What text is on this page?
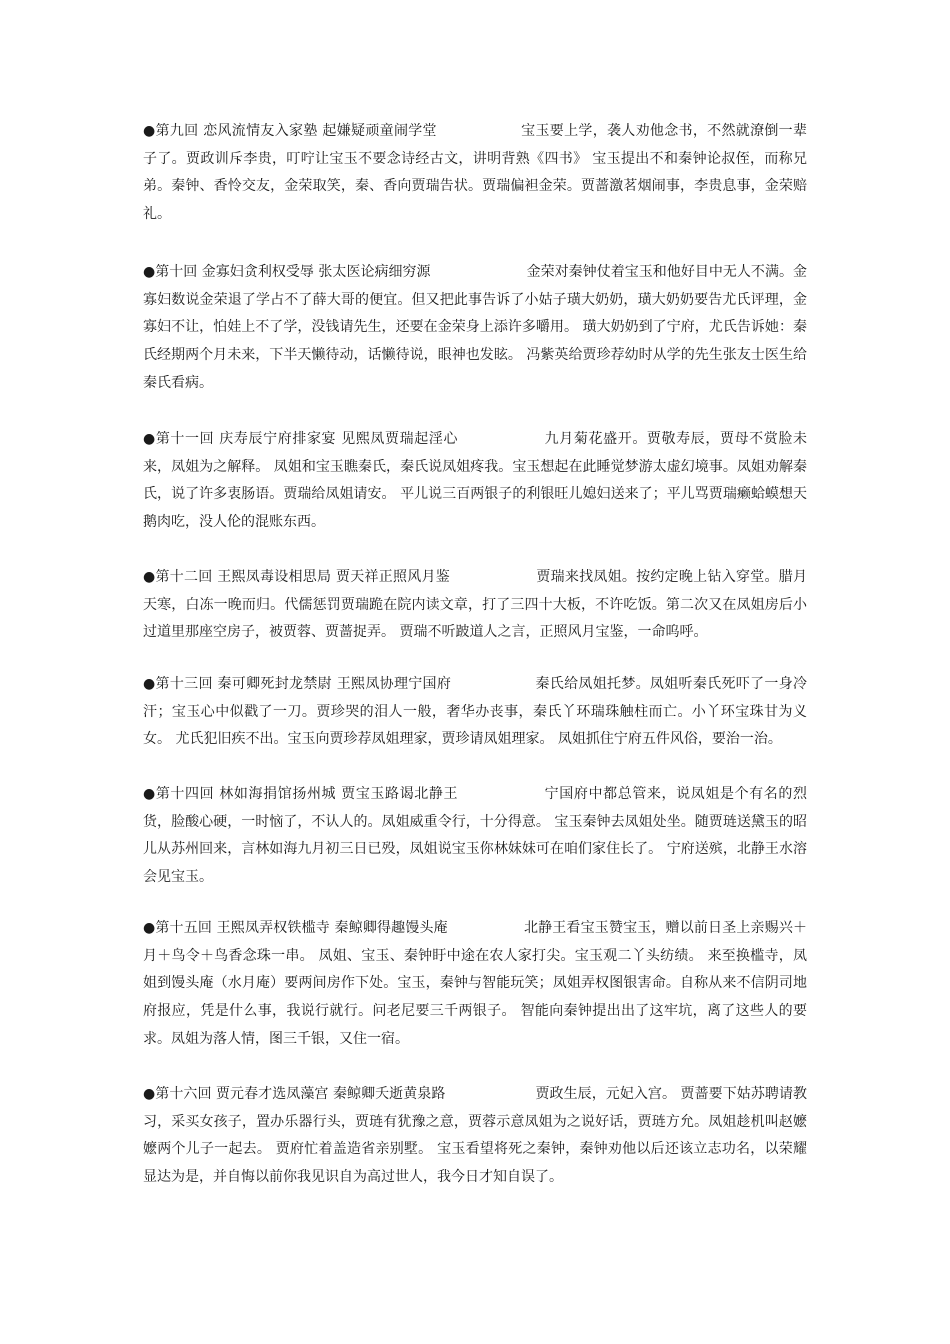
●第九回 恋风流情友入家塾 起嫌疑顽童闹学堂	宝玉要上学，袭人劝他念书，不然就潦倒一辈子了。贾政训斥李贵，叮咛让宝玉不要念诗经古文，讲明背熟《四书》 宝玉提出不和秦钟论叔侄，而称兄弟。秦钟、香怜交友，金荣取笑，秦、香向贾瑞告状。贾瑞偏袒金荣。贾蔷激茗烟闹事，李贵息事，金荣赔礼。

●第十回 金寡妇贪利权受辱 张太医论病细穷源	金荣对秦钟仗着宝玉和他好目中无人不满。金寡妇数说金荣退了学占不了薛大哥的便宜。但又把此事告诉了小姑子璜大奶奶，璜大奶奶要告尤氏评理，金寡妇不让，怕娃上不了学，没钱请先生，还要在金荣身上添许多嚼用。 璜大奶奶到了宁府，尤氏告诉她：秦氏经期两个月未来，下半天懒待动，话懒待说，眼神也发眩。 冯紫英给贾珍荐幼时从学的先生张友士医生给秦氏看病。

●第十一回 庆寿辰宁府排家宴 见熙凤贾瑞起淫心	九月菊花盛开。贾敬寿辰，贾母不赏脸未来，凤姐为之解释。 凤姐和宝玉瞧秦氏，秦氏说凤姐疼我。宝玉想起在此睡觉梦游太虚幻境事。凤姐劝解秦氏，说了许多衷肠语。贾瑞给凤姐请安。 平儿说三百两银子的利银旺儿媳妇送来了；平儿骂贾瑞癞蛤蟆想天鹅肉吃，没人伦的混账东西。

●第十二回 王熙凤毒设相思局 贾天祥正照风月鉴	贾瑞来找凤姐。按约定晚上钻入穿堂。腊月天寒，白冻一晚而归。代儒惩罚贾瑞跪在院内读文章，打了三四十大板，不许吃饭。第二次又在凤姐房后小过道里那座空房子，被贾蓉、贾蔷捉弄。 贾瑞不听跛道人之言，正照风月宝鉴，一命呜呼。

●第十三回 秦可卿死封龙禁尉 王熙凤协理宁国府	秦氏给凤姐托梦。凤姐听秦氏死吓了一身冷汗；宝玉心中似戳了一刀。贾珍哭的泪人一般，奢华办丧事，秦氏丫环瑞珠触柱而亡。小丫环宝珠甘为义女。 尤氏犯旧疾不出。宝玉向贾珍荐凤姐理家，贾珍请凤姐理家。 凤姐抓住宁府五件风俗，要治一治。

●第十四回 林如海捐馆扬州城 贾宝玉路谒北静王	宁国府中都总管来，说凤姐是个有名的烈货，脸酸心硬，一时恼了，不认人的。凤姐威重令行，十分得意。 宝玉秦钟去凤姐处坐。随贾琏送黛玉的昭儿从苏州回来，言林如海九月初三日已殁，凤姐说宝玉你林妹妹可在咱们家住长了。 宁府送殡，北静王水溶会见宝玉。

●第十五回 王熙凤弄权铁槛寺 秦鲸卿得趣馒头庵	北静王看宝玉赞宝玉，赠以前日圣上亲赐兴＋月＋鸟令＋鸟香念珠一串。 凤姐、宝玉、秦钟盱中途在农人家打尖。宝玉观二丫头纺绩。 来至换槛寺，凤姐到馒头庵（水月庵）要两间房作下处。宝玉，秦钟与智能玩笑；凤姐弄权图银害命。自称从来不信阴司地府报应，凭是什么事，我说行就行。问老尼要三千两银子。 智能向秦钟提出出了这牢坑，离了这些人的要求。凤姐为落人情，图三千银，又住一宿。

●第十六回 贾元春才选凤藻宫 秦鲸卿夭逝黄泉路	贾政生辰，元妃入宫。 贾蔷要下姑苏聘请教习，采买女孩子，置办乐器行头，贾琏有犹豫之意，贾蓉示意凤姐为之说好话，贾琏方允。凤姐趁机叫赵嬷嬷两个儿子一起去。 贾府忙着盖造省亲别墅。 宝玉看望将死之秦钟，秦钟劝他以后还该立志功名，以荣耀显达为是，并自悔以前你我见识自为高过世人，我今日才知自误了。
